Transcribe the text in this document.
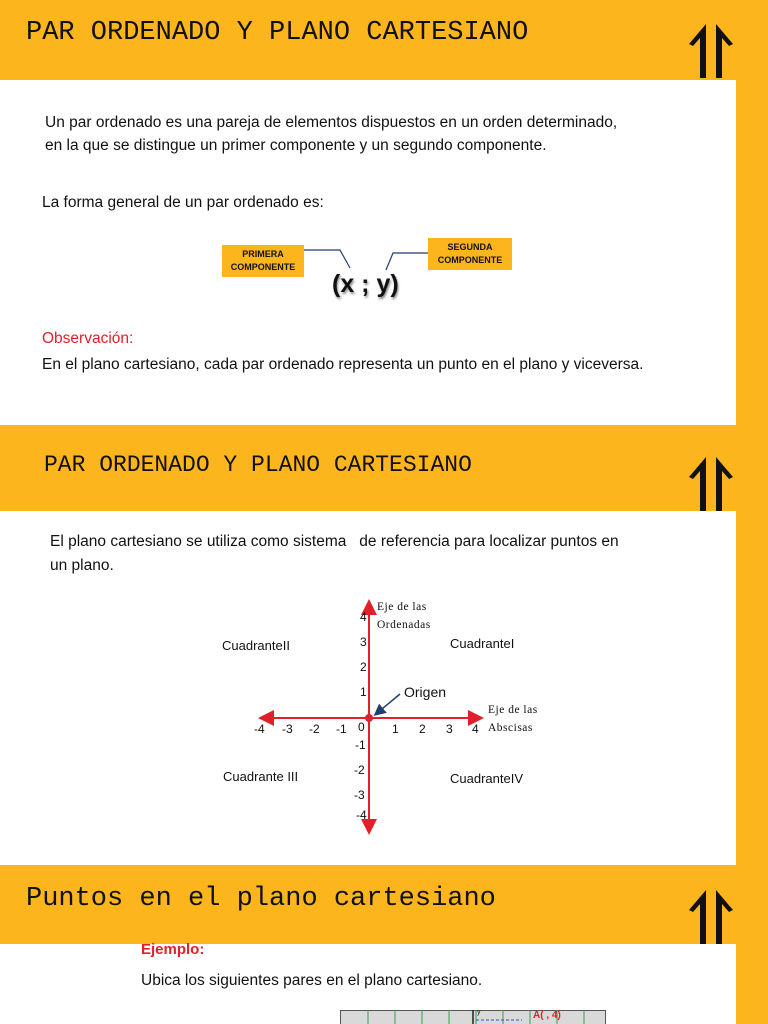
PAR ORDENADO Y PLANO CARTESIANO
Un par ordenado es una pareja de elementos dispuestos en un orden determinado,
en la que se distingue un primer componente y un segundo componente.
La forma general de un par ordenado es:
PRIMERA
COMPONENTE
SEGUNDA
COMPONENTE
(x ; y)
Observación:
En el plano cartesiano, cada par ordenado representa un punto en el plano y viceversa.
PAR ORDENADO Y PLANO CARTESIANO
El plano cartesiano se utiliza como sistema   de referencia para localizar puntos en
un plano.
Eje de las
Ordenadas
Eje de las
Abscisas
CuadranteII	CuadranteI
Cuadrante III	CuadranteIV
Origen
-4 -3 -2 -1 0 1 2 3 4
4
3
2
1
-1
-2
-3
-4
Puntos en el plano cartesiano
Ejemplo:
Ubica los siguientes pares en el plano cartesiano.
y	A( , 4)
